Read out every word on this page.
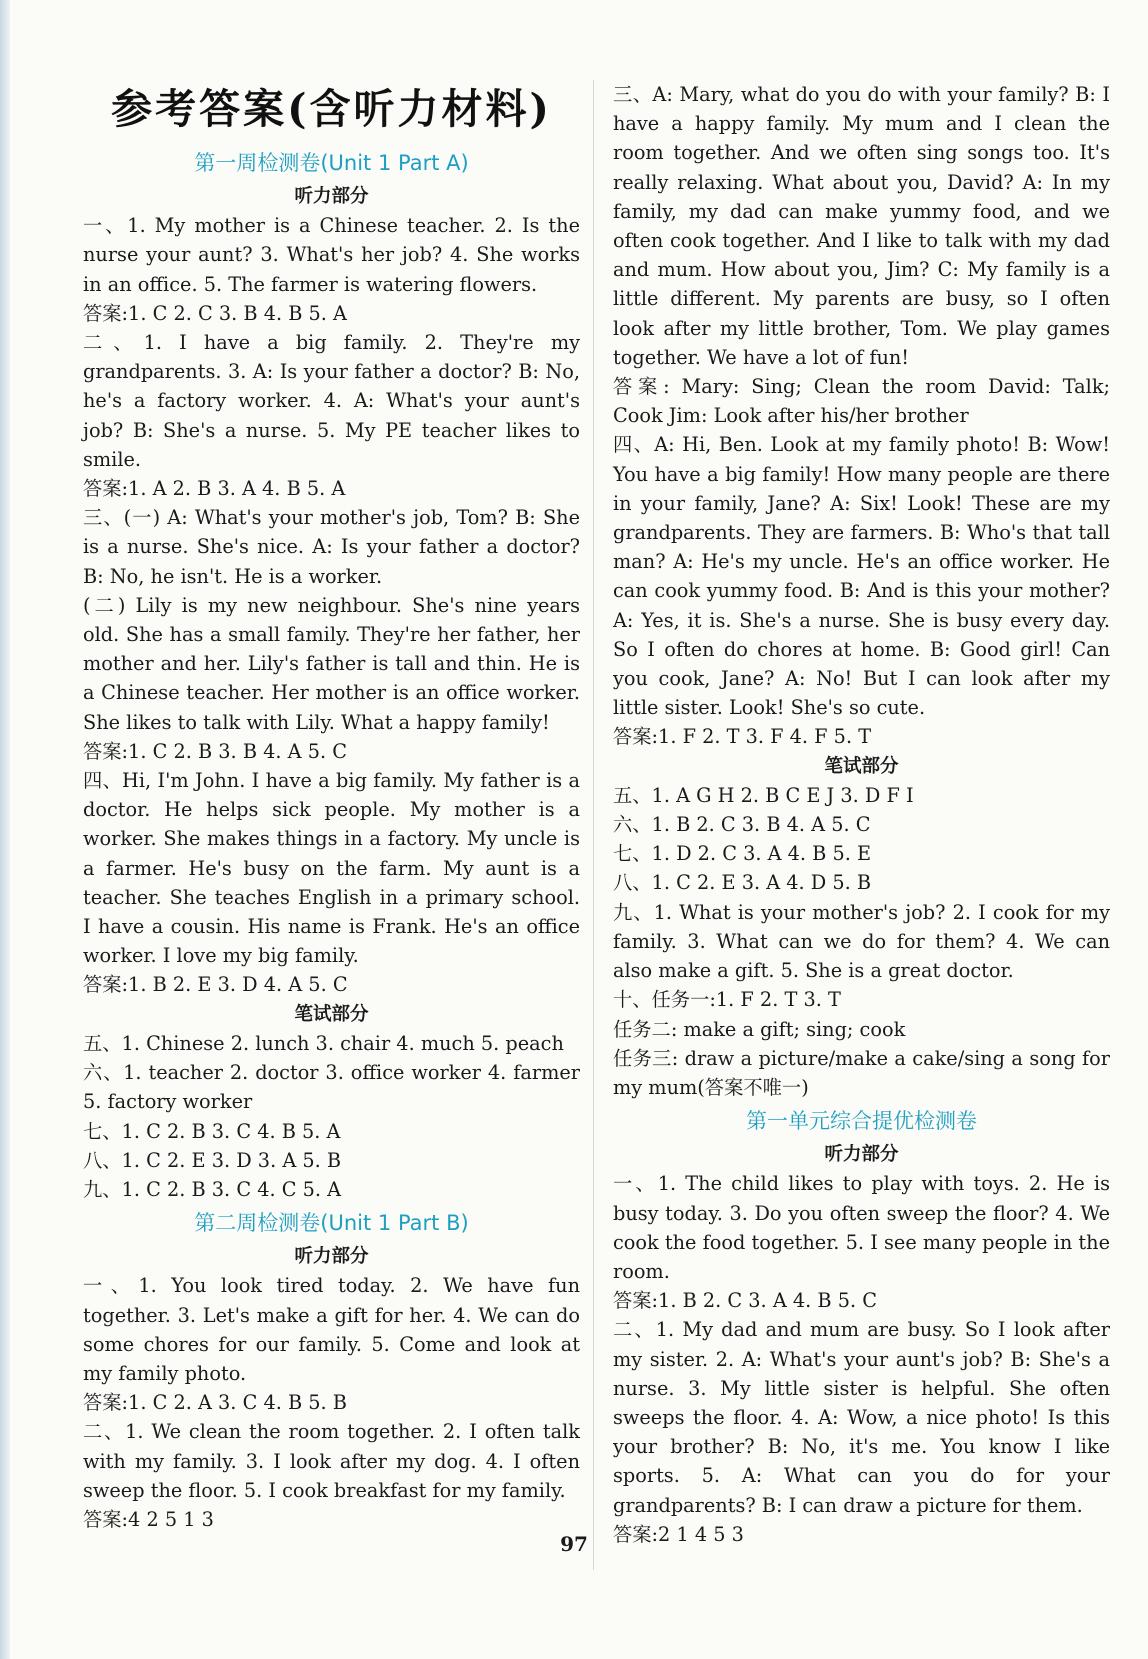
参考答案(含听力材料)
第一周检测卷(Unit 1 Part A)
听力部分
一、1. My mother is a Chinese teacher. 2. Is the nurse your aunt? 3. What's her job? 4. She works in an office. 5. The farmer is watering flowers.
答案:1. C 2. C 3. B 4. B 5. A
二、1. I have a big family. 2. They're my grandparents. 3. A: Is your father a doctor? B: No, he's a factory worker. 4. A: What's your aunt's job? B: She's a nurse. 5. My PE teacher likes to smile.
答案:1. A 2. B 3. A 4. B 5. A
三、(一) A: What's your mother's job, Tom? B: She is a nurse. She's nice. A: Is your father a doctor? B: No, he isn't. He is a worker.
(二) Lily is my new neighbour. She's nine years old. She has a small family. They're her father, her mother and her. Lily's father is tall and thin. He is a Chinese teacher. Her mother is an office worker. She likes to talk with Lily. What a happy family!
答案:1. C 2. B 3. B 4. A 5. C
四、Hi, I'm John. I have a big family. My father is a doctor. He helps sick people. My mother is a worker. She makes things in a factory. My uncle is a farmer. He's busy on the farm. My aunt is a teacher. She teaches English in a primary school. I have a cousin. His name is Frank. He's an office worker. I love my big family.
答案:1. B 2. E 3. D 4. A 5. C
笔试部分
五、1. Chinese 2. lunch 3. chair 4. much 5. peach
六、1. teacher 2. doctor 3. office worker 4. farmer 5. factory worker
七、1. C 2. B 3. C 4. B 5. A
八、1. C 2. E 3. D 3. A 5. B
九、1. C 2. B 3. C 4. C 5. A
第二周检测卷(Unit 1 Part B)
听力部分
一、1. You look tired today. 2. We have fun together. 3. Let's make a gift for her. 4. We can do some chores for our family. 5. Come and look at my family photo.
答案:1. C 2. A 3. C 4. B 5. B
二、1. We clean the room together. 2. I often talk with my family. 3. I look after my dog. 4. I often sweep the floor. 5. I cook breakfast for my family.
答案:4 2 5 1 3
三、A: Mary, what do you do with your family? B: I have a happy family. My mum and I clean the room together. And we often sing songs too. It's really relaxing. What about you, David? A: In my family, my dad can make yummy food, and we often cook together. And I like to talk with my dad and mum. How about you, Jim? C: My family is a little different. My parents are busy, so I often look after my little brother, Tom. We play games together. We have a lot of fun!
答案: Mary: Sing; Clean the room David: Talk; Cook Jim: Look after his/her brother
四、A: Hi, Ben. Look at my family photo! B: Wow! You have a big family! How many people are there in your family, Jane? A: Six! Look! These are my grandparents. They are farmers. B: Who's that tall man? A: He's my uncle. He's an office worker. He can cook yummy food. B: And is this your mother? A: Yes, it is. She's a nurse. She is busy every day. So I often do chores at home. B: Good girl! Can you cook, Jane? A: No! But I can look after my little sister. Look! She's so cute.
答案:1. F 2. T 3. F 4. F 5. T
笔试部分
五、1. A G H 2. B C E J 3. D F I
六、1. B 2. C 3. B 4. A 5. C
七、1. D 2. C 3. A 4. B 5. E
八、1. C 2. E 3. A 4. D 5. B
九、1. What is your mother's job? 2. I cook for my family. 3. What can we do for them? 4. We can also make a gift. 5. She is a great doctor.
十、任务一:1. F 2. T 3. T
任务二: make a gift; sing; cook
任务三: draw a picture/make a cake/sing a song for my mum(答案不唯一)
第一单元综合提优检测卷
听力部分
一、1. The child likes to play with toys. 2. He is busy today. 3. Do you often sweep the floor? 4. We cook the food together. 5. I see many people in the room.
答案:1. B 2. C 3. A 4. B 5. C
二、1. My dad and mum are busy. So I look after my sister. 2. A: What's your aunt's job? B: She's a nurse. 3. My little sister is helpful. She often sweeps the floor. 4. A: Wow, a nice photo! Is this your brother? B: No, it's me. You know I like sports. 5. A: What can you do for your grandparents? B: I can draw a picture for them.
答案:2 1 4 5 3
97
